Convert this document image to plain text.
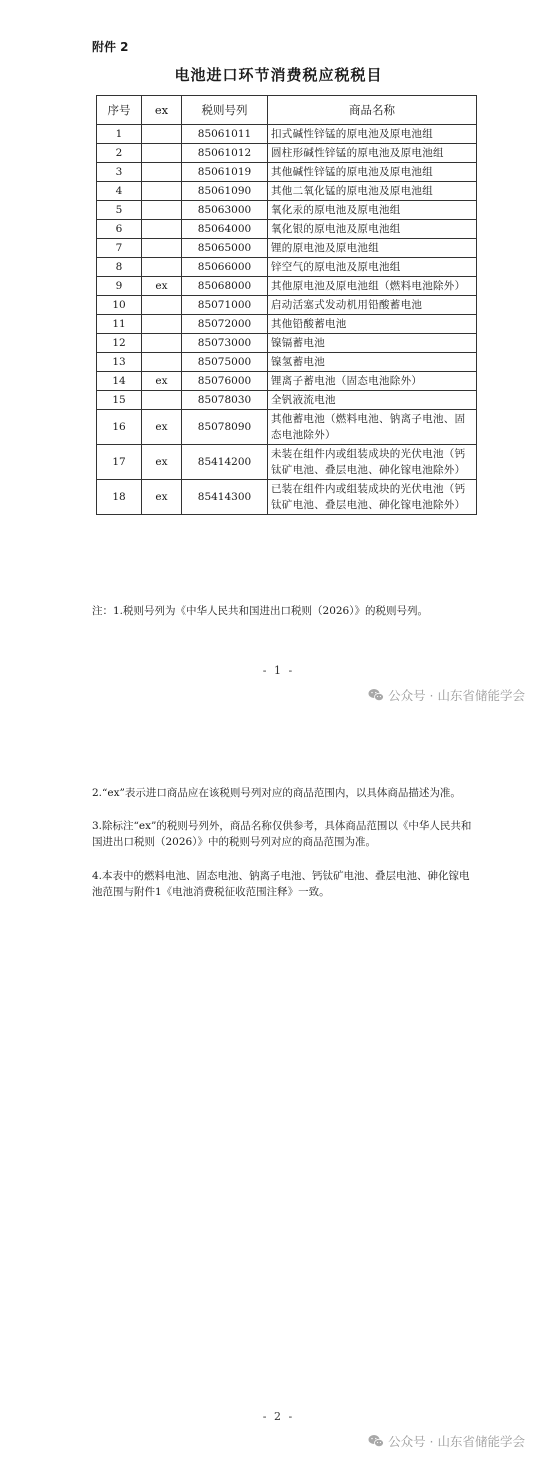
附件 2
电池进口环节消费税应税税目
序号	ex	税则号列	商品名称
1		85061011	扣式碱性锌锰的原电池及原电池组
2		85061012	圆柱形碱性锌锰的原电池及原电池组
3		85061019	其他碱性锌锰的原电池及原电池组
4		85061090	其他二氧化锰的原电池及原电池组
5		85063000	氧化汞的原电池及原电池组
6		85064000	氧化银的原电池及原电池组
7		85065000	锂的原电池及原电池组
8		85066000	锌空气的原电池及原电池组
9	ex	85068000	其他原电池及原电池组（燃料电池除外）
10		85071000	启动活塞式发动机用铅酸蓄电池
11		85072000	其他铅酸蓄电池
12		85073000	镍镉蓄电池
13		85075000	镍氢蓄电池
14	ex	85076000	锂离子蓄电池（固态电池除外）
15		85078030	全钒液流电池
16	ex	85078090	其他蓄电池（燃料电池、钠离子电池、固态电池除外）
17	ex	85414200	未装在组件内或组装成块的光伏电池（钙钛矿电池、叠层电池、砷化镓电池除外）
18	ex	85414300	已装在组件内或组装成块的光伏电池（钙钛矿电池、叠层电池、砷化镓电池除外）
注：1.税则号列为《中华人民共和国进出口税则（2026）》的税则号列。
- 1 -
公众号 · 山东省储能学会
2.“ex”表示进口商品应在该税则号列对应的商品范围内，以具体商品描述为准。
3.除标注“ex”的税则号列外，商品名称仅供参考，具体商品范围以《中华人民共和国进出口税则（2026）》中的税则号列对应的商品范围为准。
4.本表中的燃料电池、固态电池、钠离子电池、钙钛矿电池、叠层电池、砷化镓电池范围与附件1《电池消费税征收范围注释》一致。
- 2 -
公众号 · 山东省储能学会
